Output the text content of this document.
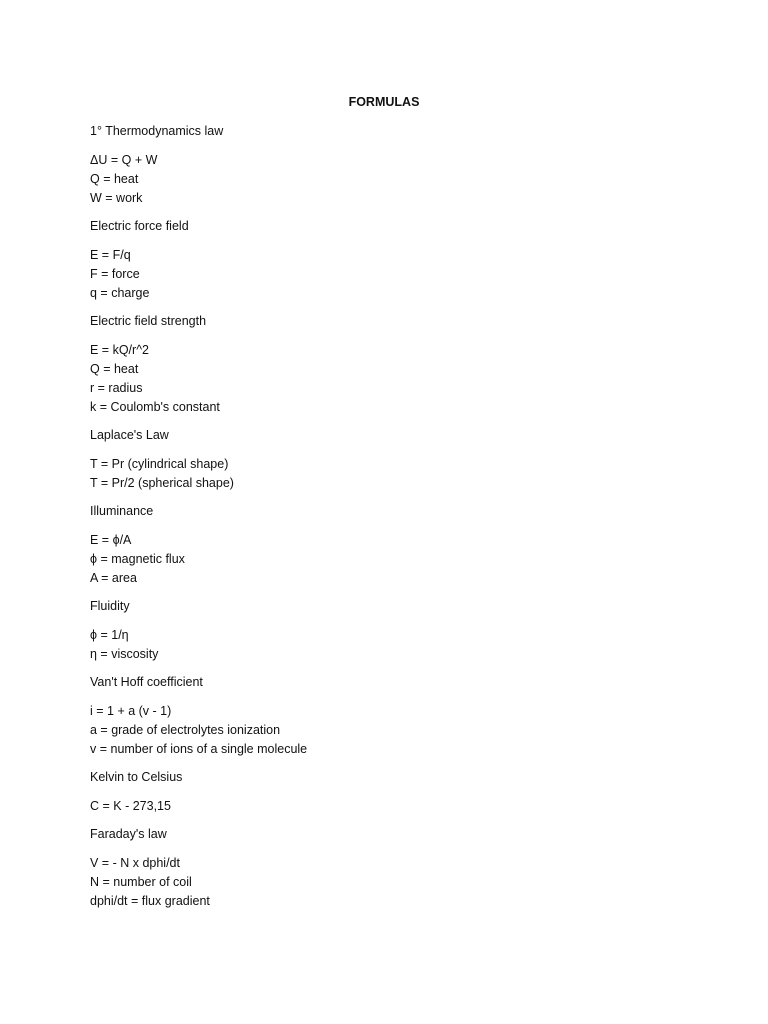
FORMULAS
1° Thermodynamics law
ΔU = Q + W
Q = heat
W = work
Electric force field
E = F/q
F = force
q = charge
Electric field strength
E = kQ/r^2
Q = heat
r = radius
k = Coulomb's constant
Laplace's Law
T = Pr (cylindrical shape)
T = Pr/2 (spherical shape)
Illuminance
E = ϕ/A
ϕ = magnetic flux
A = area
Fluidity
ϕ = 1/η
η = viscosity
Van't Hoff coefficient
i = 1 + a (v - 1)
a = grade of electrolytes ionization
v = number of ions of a single molecule
Kelvin to Celsius
C = K - 273,15
Faraday's law
V = - N x dphi/dt
N = number of coil
dphi/dt = flux gradient
